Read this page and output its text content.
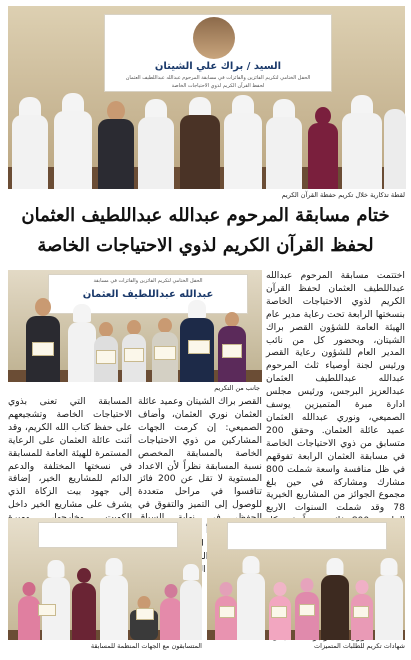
السيد / براك علي الشيتان
الحفل الختامي لتكريم الفائزين والفائزات في مسابقة المرحوم عبدالله عبداللطيف العثمان
لحفظ القرآن الكريم لذوي الاحتياجات الخاصة
لقطة تذكارية خلال تكريم حفظة القرآن الكريم
ختام مسابقة المرحوم عبدالله عبداللطيف العثمان
لحفظ القرآن الكريم لذوي الاحتياجات الخاصة
الحفل الختامي لتكريم الفائزين والفائزات في مسابقة
عبدالله عبداللطيف العثمان
جانب من التكريم

اختتمت مسابقة المرحوم عبدالله عبداللطيف العثمان لحفظ القرآن الكريم لذوي الاحتياجات الخاصة بنسختها الرابعة تحت رعاية مدير عام الهيئة العامة للشؤون القصر براك الشيتان، وبحضور كل من نائب المدير العام للشؤون رعاية القصر ورئيس لجنة أوصياء ثلث المرحوم عبدالله عبداللطيف العثمان عبدالعزيز البرجس، ورئيس مجلس ادارة مبرة المتميزين يوسف الصميعي، ونوري عبدالله العثمان عميد عائلة العثمان. وحقق 200 متسابق من ذوي الاحتياجات الخاصة في مسابقة العثمان الرابعة تفوقهم في ظل منافسة واسعة شملت 800 مشارك ومشاركة في حين بلغ مجموع الجوائز من المشاريع الخيرية 78 وقد شملت السنوات الاربع

القصر براك الشيتان وعميد عائلة العثمان نوري العثمان، وأضاف الصميعي: إن كرمت الجهات المشاركين من ذوي الاحتياجات الخاصة بالمسابقة المخصص نسبة المسابقة نظراً لأن الاعداد المستوية لا تقل عن 200 فائز تنافسوا في مراحل متعددة للوصول إلى التميز والتفوق في

المسابقة التي تعنى بذوي الاحتياجات الخاصة وتشجيعهم على حفظ كتاب الله الكريم، وقد أثنت عائلة العثمان على الرعاية المستمرة للهيئة العامة للمسابقة في نسختها المختلفة والدعم الدائم للمشاريع الخير، إضافة إلى جهود بيت الزكاة الذي يشرف على مشاريع الخير داخل

المتسابقون مع الجهات المنظمة للمسابقة	شهادات تكريم للطلبات المتميزات
